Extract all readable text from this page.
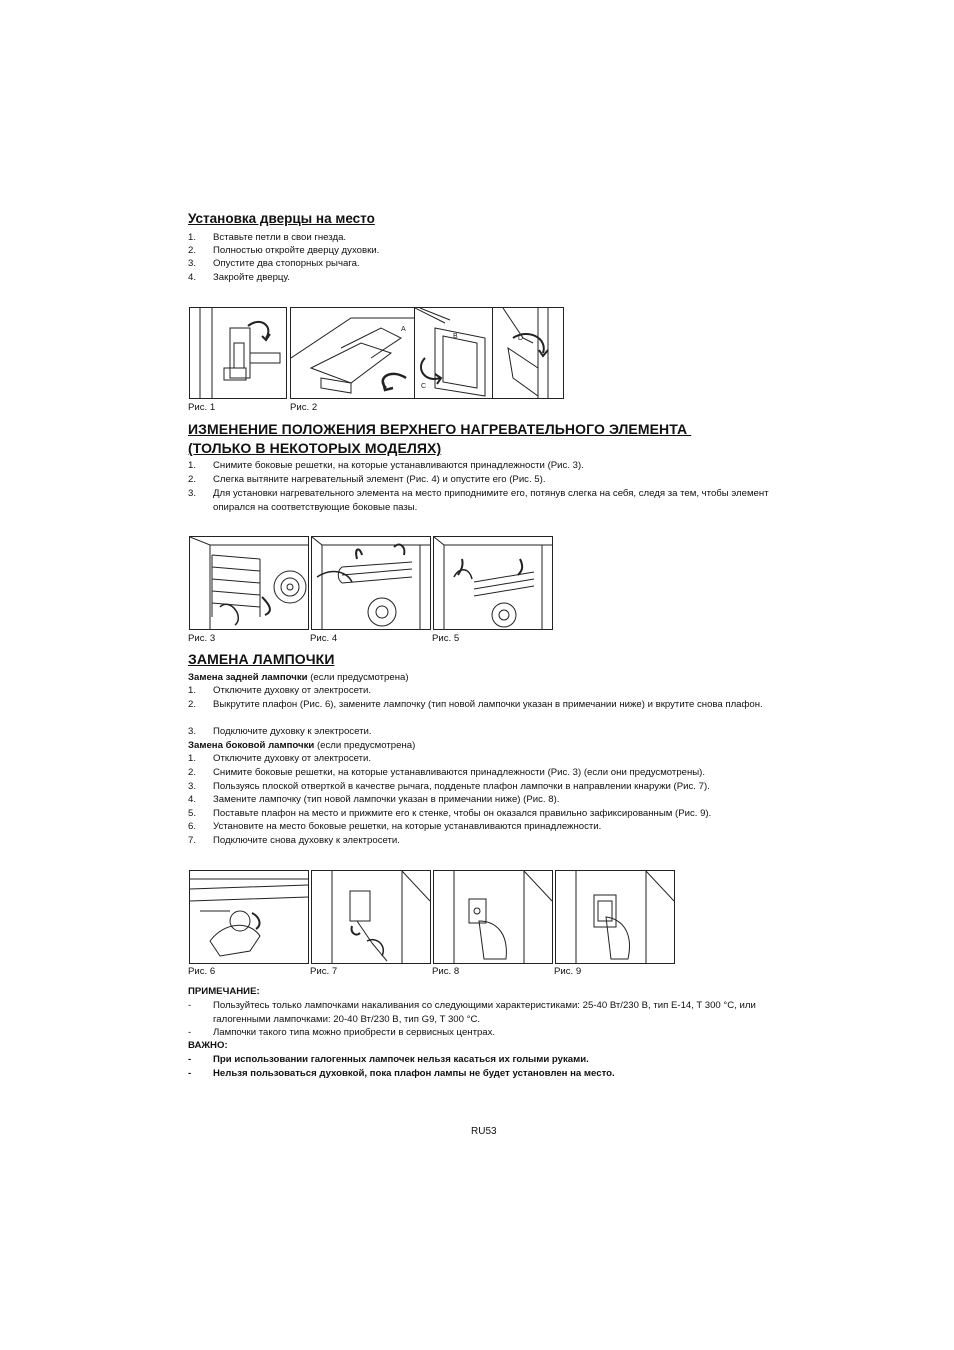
Установка дверцы на место
1. Вставьте петли в свои гнезда.
2. Полностью откройте дверцу духовки.
3. Опустите два стопорных рычага.
4. Закройте дверцу.
A
B
C
D
Рис. 1	Рис. 2
ИЗМЕНЕНИЕ ПОЛОЖЕНИЯ ВЕРХНЕГО НАГРЕВАТЕЛЬНОГО ЭЛЕМЕНТА
(ТОЛЬКО В НЕКОТОРЫХ МОДЕЛЯХ)
1. Снимите боковые решетки, на которые устанавливаются принадлежности (Рис. 3).
2. Слегка вытяните нагревательный элемент (Рис. 4) и опустите его (Рис. 5).
3. Для установки нагревательного элемента на место приподнимите его, потянув слегка на себя, следя за тем, чтобы элемент опирался на соответствующие боковые пазы.
Рис. 3	Рис. 4	Рис. 5
ЗАМЕНА ЛАМПОЧКИ
Замена задней лампочки (если предусмотрена)
1. Отключите духовку от электросети.
2. Выкрутите плафон (Рис. 6), замените лампочку (тип новой лампочки указан в примечании ниже) и вкрутите снова плафон.
3. Подключите духовку к электросети.
Замена боковой лампочки (если предусмотрена)
1. Отключите духовку от электросети.
2. Снимите боковые решетки, на которые устанавливаются принадлежности (Рис. 3) (если они предусмотрены).
3. Пользуясь плоской отверткой в качестве рычага, подденьте плафон лампочки в направлении кнаружи (Рис. 7).
4. Замените лампочку (тип новой лампочки указан в примечании ниже) (Рис. 8).
5. Поставьте плафон на место и прижмите его к стенке, чтобы он оказался правильно зафиксированным (Рис. 9).
6. Установите на место боковые решетки, на которые устанавливаются принадлежности.
7. Подключите снова духовку к электросети.
Рис. 6	Рис. 7	Рис. 8	Рис. 9
ПРИМЕЧАНИЕ:
- Пользуйтесь только лампочками накаливания со следующими характеристиками: 25-40 Вт/230 В, тип E-14, T 300 °C, или галогенными лампочками: 20-40 Вт/230 В, тип G9, T 300 °C.
- Лампочки такого типа можно приобрести в сервисных центрах.
ВАЖНО:
- При использовании галогенных лампочек нельзя касаться их голыми руками.
- Нельзя пользоваться духовкой, пока плафон лампы не будет установлен на место.
RU53
